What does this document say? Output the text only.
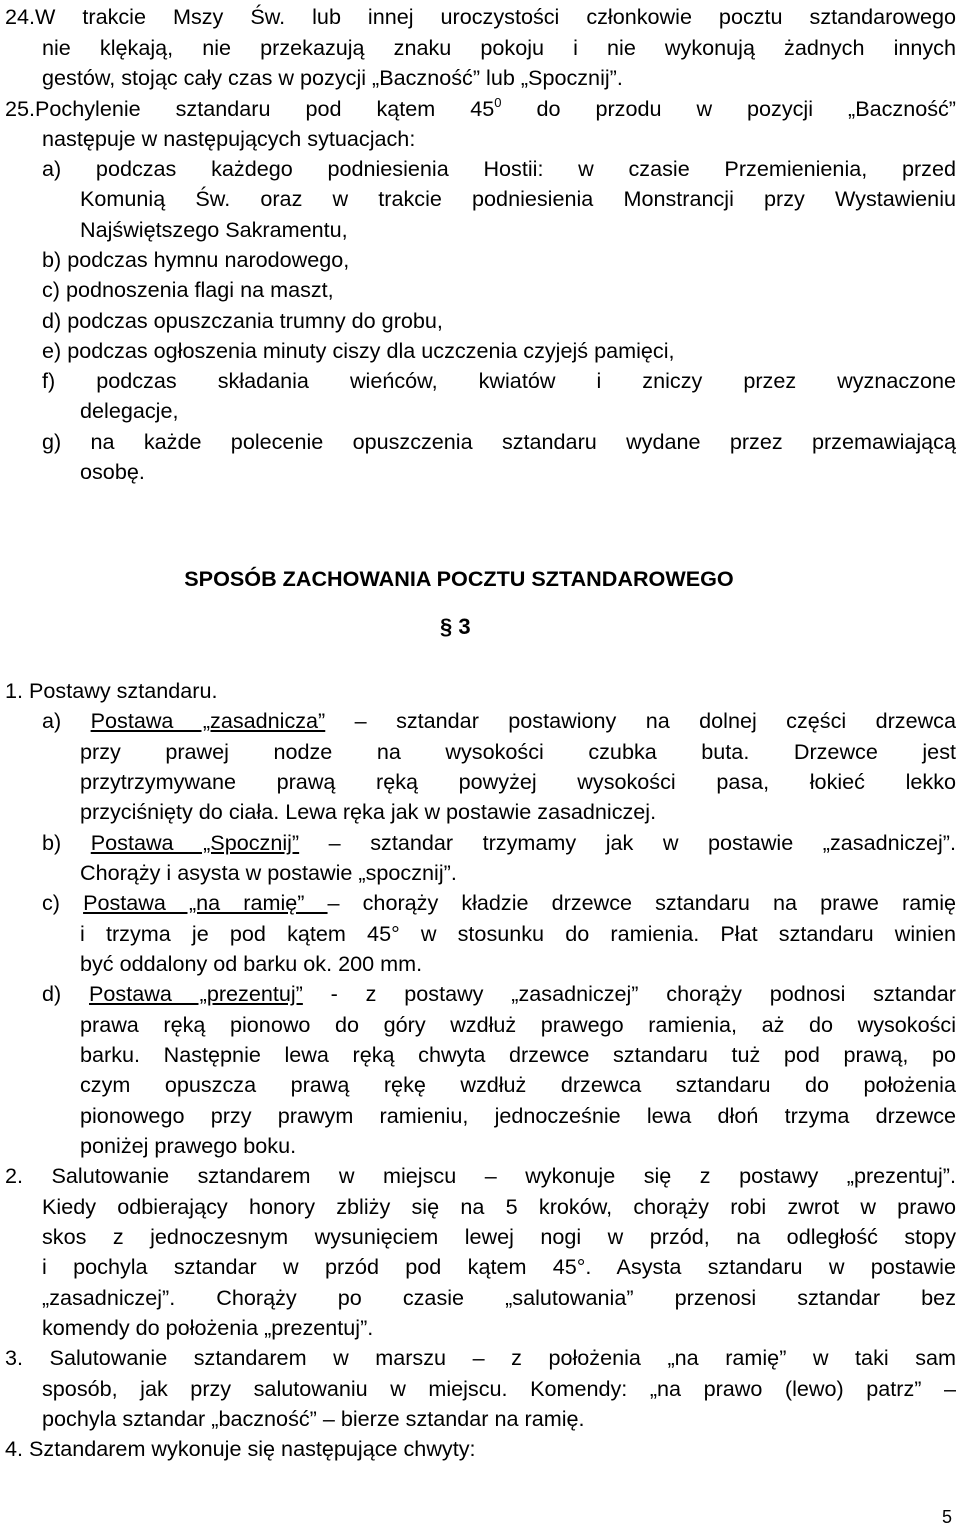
24.W trakcie Mszy Św. lub innej uroczystości członkowie pocztu sztandarowego
nie klękają, nie przekazują znaku pokoju i nie wykonują żadnych innych
gestów, stojąc cały czas w pozycji „Baczność” lub „Spocznij”.
25.Pochylenie sztandaru pod kątem $45^0$ do przodu w pozycji „Baczność”
następuje w następujących sytuacjach:
a) podczas każdego podniesienia Hostii: w czasie Przemienienia, przed
Komunią Św. oraz w trakcie podniesienia Monstrancji przy Wystawieniu
Najświętszego Sakramentu,
b) podczas hymnu narodowego,
c) podnoszenia flagi na maszt,
d) podczas opuszczania trumny do grobu,
e) podczas ogłoszenia minuty ciszy dla uczczenia czyjejś pamięci,
f) podczas składania wieńców, kwiatów i zniczy przez wyznaczone
delegacje,
g) na każde polecenie opuszczenia sztandaru wydane przez przemawiającą
osobę.
1. Postawy sztandaru.
a) Postawa „zasadnicza” – sztandar postawiony na dolnej części drzewca
przy prawej nodze na wysokości czubka buta. Drzewce jest
przytrzymywane prawą ręką powyżej wysokości pasa, łokieć lekko
przyciśnięty do ciała. Lewa ręka jak w postawie zasadniczej.
b) Postawa „Spocznij” – sztandar trzymamy jak w postawie „zasadniczej”.
Chorąży i asysta w postawie „spocznij”.
c) Postawa „na ramię” – chorąży kładzie drzewce sztandaru na prawe ramię
i trzyma je pod kątem 45° w stosunku do ramienia. Płat sztandaru winien
być oddalony od barku ok. 200 mm.
d) Postawa „prezentuj” - z postawy „zasadniczej” chorąży podnosi sztandar
prawa ręką pionowo do góry wzdłuż prawego ramienia, aż do wysokości
barku. Następnie lewa ręką chwyta drzewce sztandaru tuż pod prawą, po
czym opuszcza prawą rękę wzdłuż drzewca sztandaru do położenia
pionowego przy prawym ramieniu, jednocześnie lewa dłoń trzyma drzewce
poniżej prawego boku.
2. Salutowanie sztandarem w miejscu – wykonuje się z postawy „prezentuj”.
Kiedy odbierający honory zbliży się na 5 kroków, chorąży robi zwrot w prawo
skos z jednoczesnym wysunięciem lewej nogi w przód, na odległość stopy
i pochyla sztandar w przód pod kątem 45°. Asysta sztandaru w postawie
„zasadniczej”. Chorąży po czasie „salutowania” przenosi sztandar bez
komendy do położenia „prezentuj”.
3. Salutowanie sztandarem w marszu – z położenia „na ramię” w taki sam
sposób, jak przy salutowaniu w miejscu. Komendy: „na prawo (lewo) patrz” –
pochyla sztandar „baczność” – bierze sztandar na ramię.
4. Sztandarem wykonuje się następujące chwyty:
SPOSÓB ZACHOWANIA POCZTU SZTANDAROWEGO
§ 3
5
